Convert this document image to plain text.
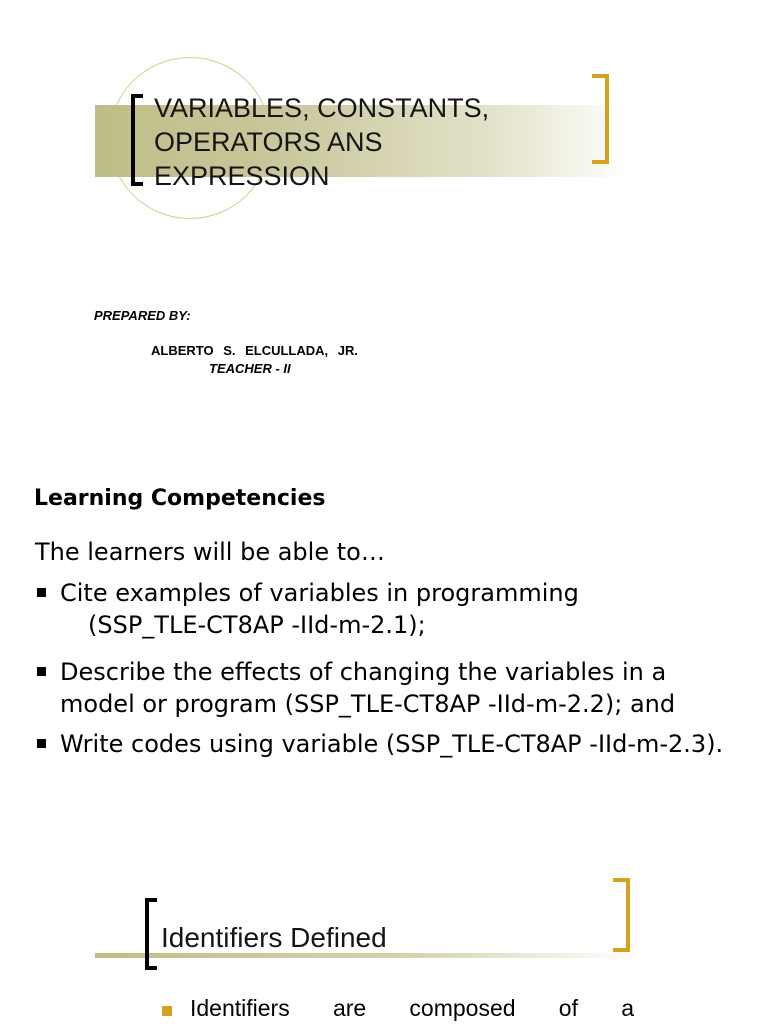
VARIABLES, CONSTANTS,
OPERATORS ANS
EXPRESSION
PREPARED BY:
ALBERTO S. ELCULLADA, JR.
TEACHER - II
Learning Competencies
The learners will be able to…
Cite examples of variables in programming
(SSP_TLE-CT8AP -IId-m-2.1);
Describe the effects of changing the variables in a
model or program (SSP_TLE-CT8AP -IId-m-2.2); and
Write codes using variable (SSP_TLE-CT8AP -IId-m-2.3).
Identifiers Defined
Identifiers are composed of a
